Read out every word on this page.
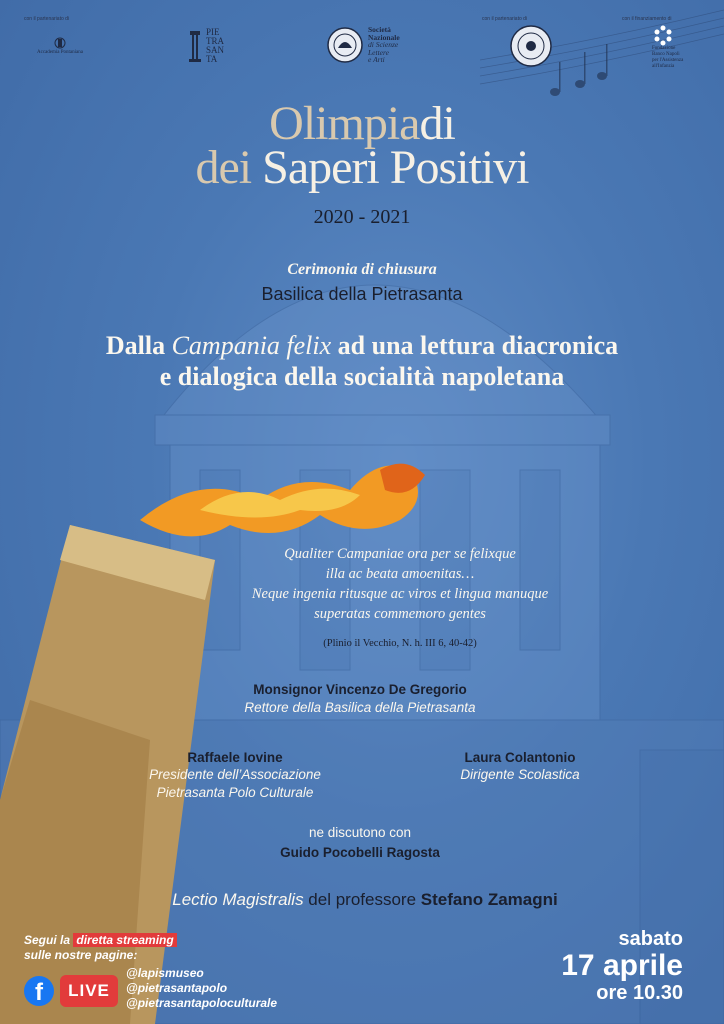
con il partenariato di	con il partenariato di	con il finanziamento di
Accademia Pontaniana
PIE
TRA
SAN
TA
Società
Nazionale
di Scienze
Lettere
e Arti
Fondazione
Banco Napoli
per l'Assistenza
all'Infanzia
Olimpiadi
dei Saperi Positivi
2020 - 2021
Cerimonia di chiusura
Basilica della Pietrasanta
Dalla Campania felix ad una lettura diacronica
e dialogica della socialità napoletana
Qualiter Campaniae ora per se felixque
illa ac beata amoenitas…
Neque ingenia ritusque ac viros et lingua manuque
superatas commemoro gentes
(Plinio il Vecchio, N. h. III 6, 40-42)
Monsignor Vincenzo De Gregorio
Rettore della Basilica della Pietrasanta
Raffaele Iovine
Presidente dell’Associazione
Pietrasanta Polo Culturale
Laura Colantonio
Dirigente Scolastica
ne discutono con
Guido Pocobelli Ragosta
Lectio Magistralis del professore Stefano Zamagni
sabato
17 aprile
ore 10.30
Segui la diretta streaming
sulle nostre pagine:
f	LIVE
@lapismuseo
@pietrasantapolo
@pietrasantapoloculturale
